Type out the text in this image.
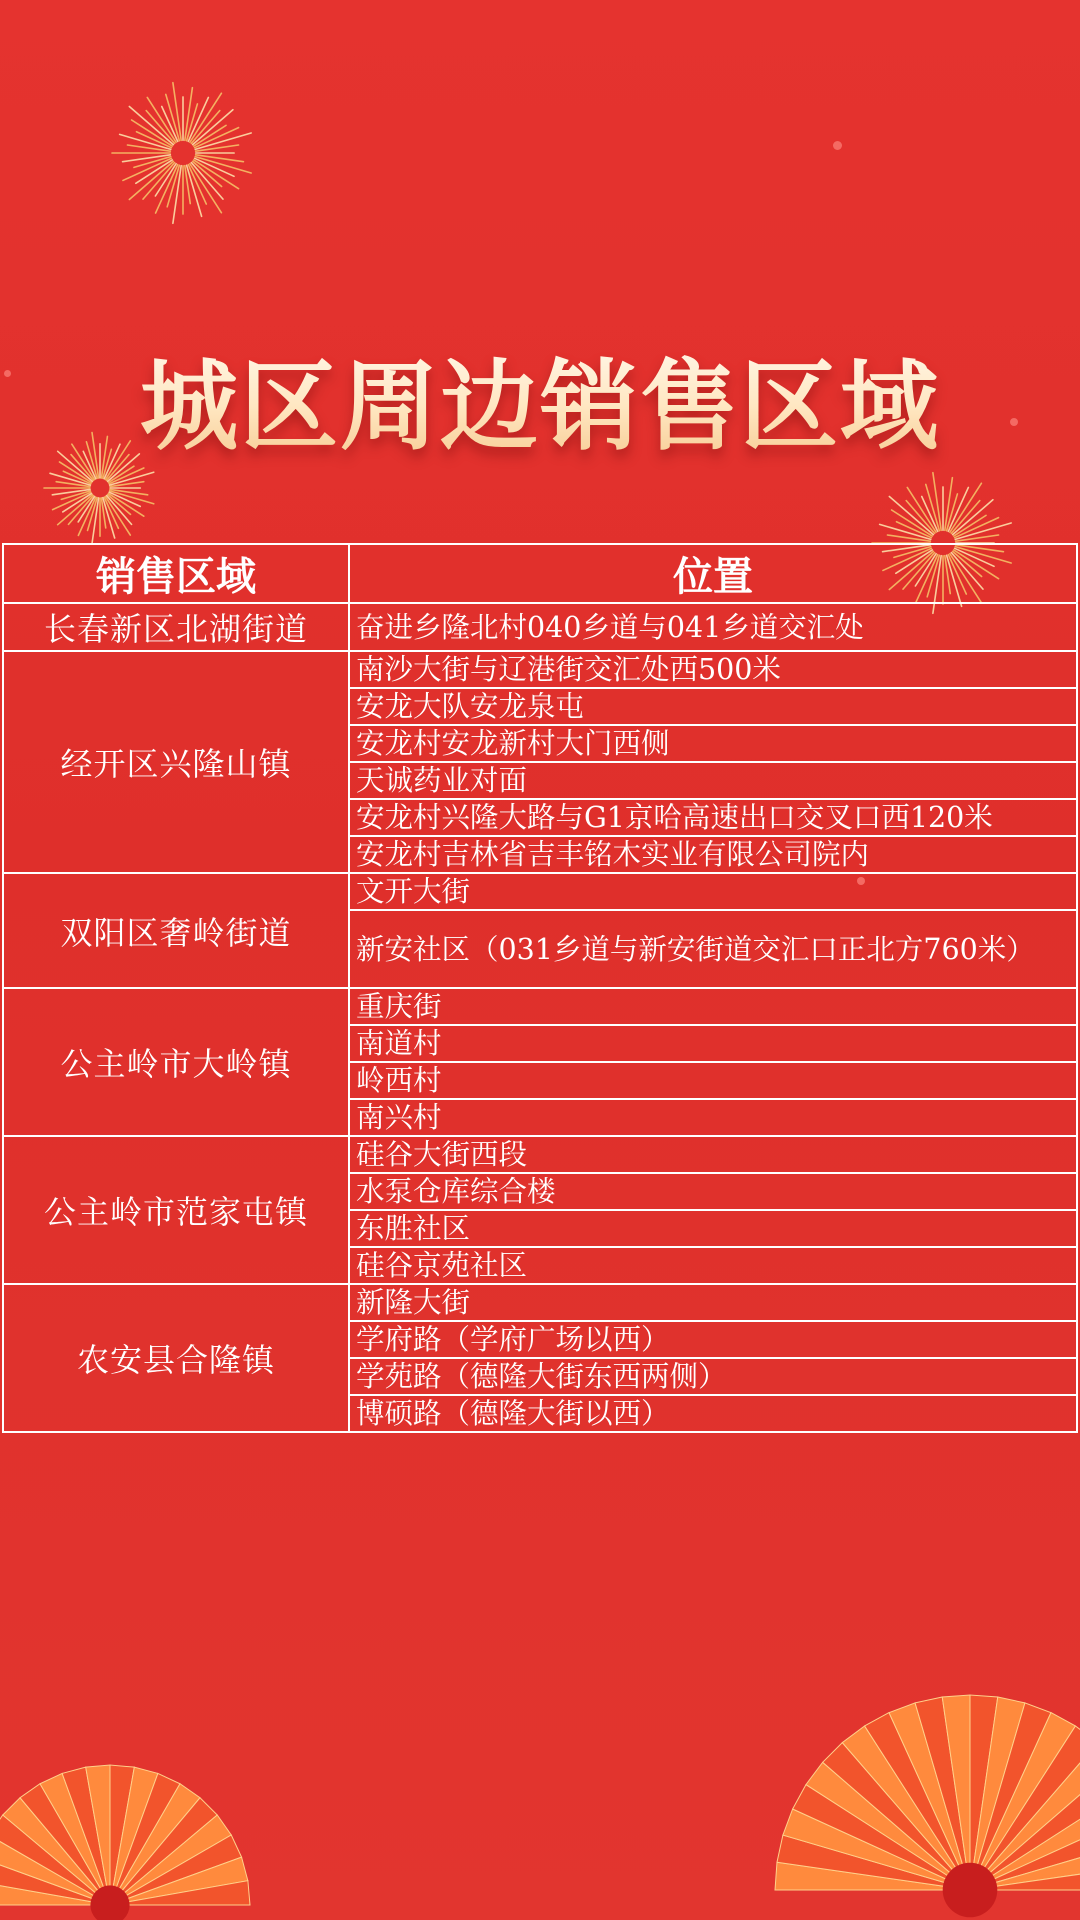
城区周边销售区域
销售区域	位置
长春新区北湖街道	奋进乡隆北村040乡道与041乡道交汇处
经开区兴隆山镇	南沙大街与辽港街交汇处西500米
	安龙大队安龙泉屯
	安龙村安龙新村大门西侧
	天诚药业对面
	安龙村兴隆大路与G1京哈高速出口交叉口西120米
	安龙村吉林省吉丰铭木实业有限公司院内
双阳区奢岭街道	文开大街
	新安社区（031乡道与新安街道交汇口正北方760米）
公主岭市大岭镇	重庆街
	南道村
	岭西村
	南兴村
公主岭市范家屯镇	硅谷大街西段
	水泵仓库综合楼
	东胜社区
	硅谷京苑社区
农安县合隆镇	新隆大街
	学府路（学府广场以西）
	学苑路（德隆大街东西两侧）
	博硕路（德隆大街以西）
